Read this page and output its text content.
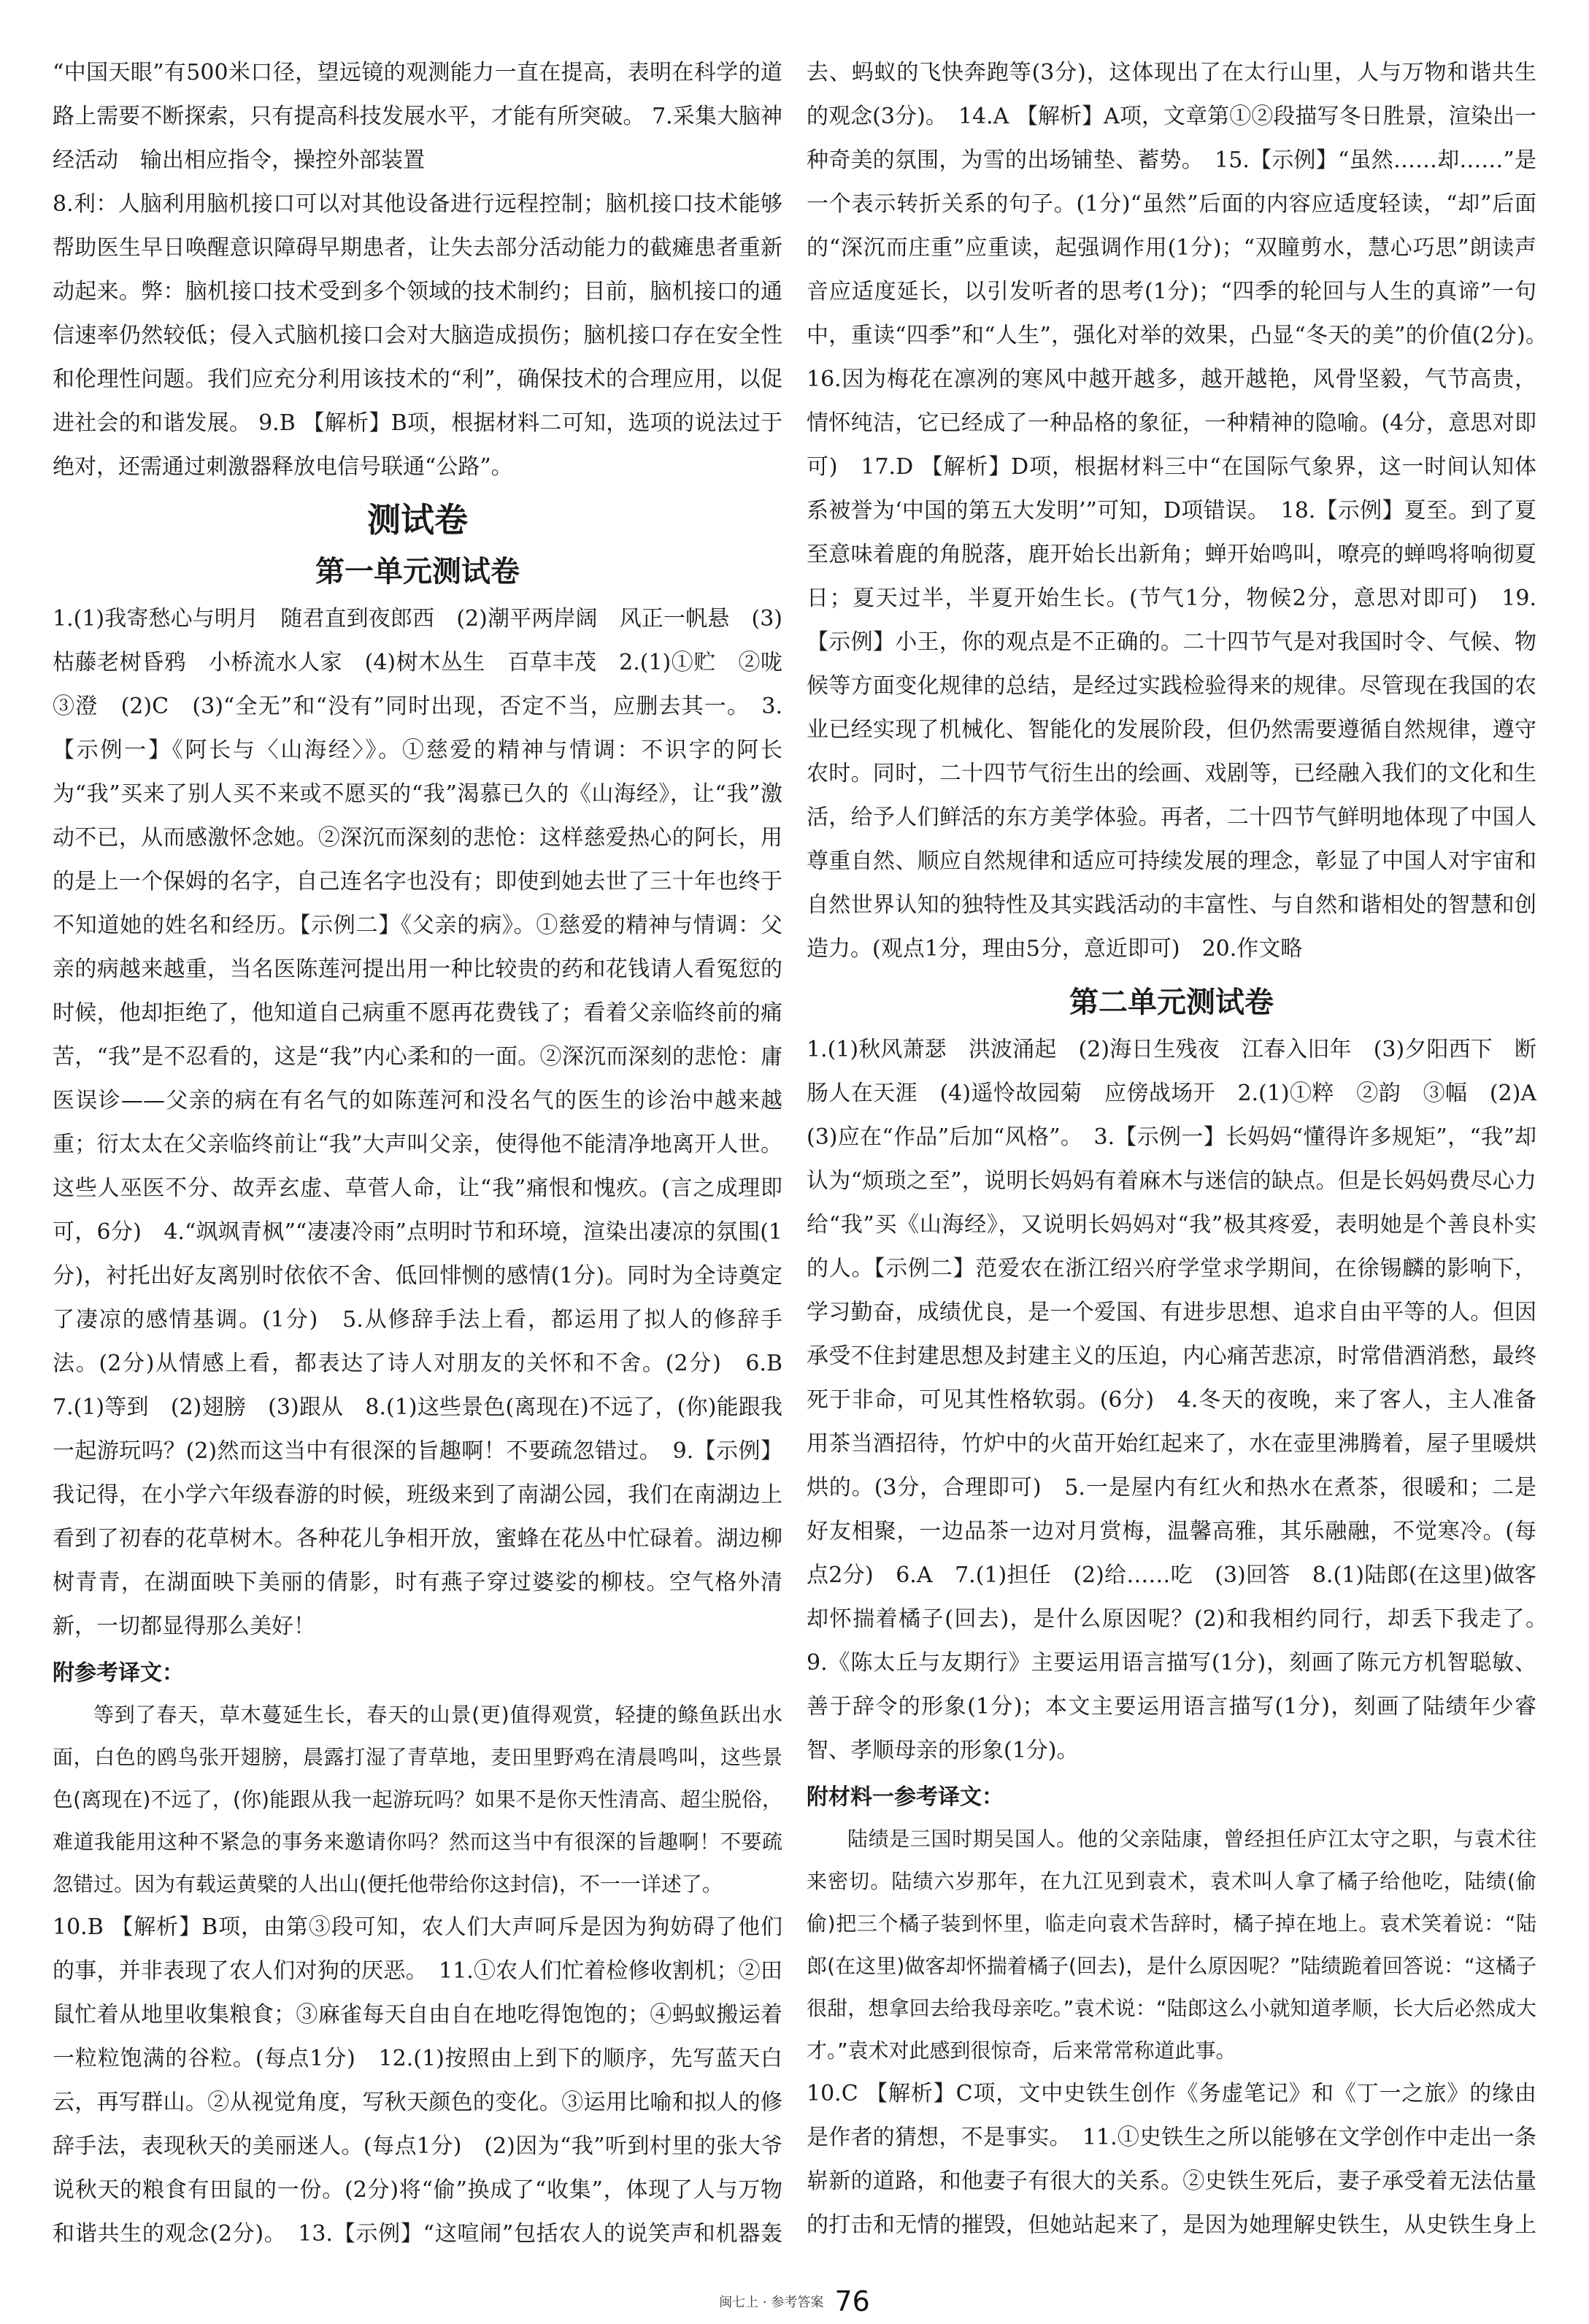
“中国天眼”有500米口径，望远镜的观测能力一直在提高，表明在科学的道路上需要不断探索，只有提高科技发展水平，才能有所突破。 7.采集大脑神经活动　输出相应指令，操控外部装置

8.利：人脑利用脑机接口可以对其他设备进行远程控制；脑机接口技术能够帮助医生早日唤醒意识障碍早期患者，让失去部分活动能力的截瘫患者重新动起来。弊：脑机接口技术受到多个领域的技术制约；目前，脑机接口的通信速率仍然较低；侵入式脑机接口会对大脑造成损伤；脑机接口存在安全性和伦理性问题。我们应充分利用该技术的“利”，确保技术的合理应用，以促进社会的和谐发展。 9.B 【解析】B项，根据材料二可知，选项的说法过于绝对，还需通过刺激器释放电信号联通“公路”。

测试卷
第一单元测试卷

1.(1)我寄愁心与明月　随君直到夜郎西　(2)潮平两岸阔　风正一帆悬　(3)枯藤老树昏鸦　小桥流水人家　(4)树木丛生　百草丰茂　2.(1)①贮　②咙　③澄　(2)C　(3)“全无”和“没有”同时出现，否定不当，应删去其一。　3.【示例一】《阿长与〈山海经〉》。①慈爱的精神与情调：不识字的阿长为“我”买来了别人买不来或不愿买的“我”渴慕已久的《山海经》，让“我”激动不已，从而感激怀念她。②深沉而深刻的悲怆：这样慈爱热心的阿长，用的是上一个保姆的名字，自己连名字也没有；即使到她去世了三十年也终于不知道她的姓名和经历。【示例二】《父亲的病》。①慈爱的精神与情调：父亲的病越来越重，当名医陈莲河提出用一种比较贵的药和花钱请人看冤愆的时候，他却拒绝了，他知道自己病重不愿再花费钱了；看着父亲临终前的痛苦，“我”是不忍看的，这是“我”内心柔和的一面。②深沉而深刻的悲怆：庸医误诊——父亲的病在有名气的如陈莲河和没名气的医生的诊治中越来越重；衍太太在父亲临终前让“我”大声叫父亲，使得他不能清净地离开人世。这些人巫医不分、故弄玄虚、草菅人命，让“我”痛恨和愧疚。(言之成理即可，6分)　4.“飒飒青枫”“凄凄冷雨”点明时节和环境，渲染出凄凉的氛围(1分)，衬托出好友离别时依依不舍、低回悱恻的感情(1分)。同时为全诗奠定了凄凉的感情基调。(1分)　5.从修辞手法上看，都运用了拟人的修辞手法。(2分)从情感上看，都表达了诗人对朋友的关怀和不舍。(2分)　6.B　7.(1)等到　(2)翅膀　(3)跟从　8.(1)这些景色(离现在)不远了，(你)能跟我一起游玩吗？(2)然而这当中有很深的旨趣啊！不要疏忽错过。　9.【示例】我记得，在小学六年级春游的时候，班级来到了南湖公园，我们在南湖边上看到了初春的花草树木。各种花儿争相开放，蜜蜂在花丛中忙碌着。湖边柳树青青，在湖面映下美丽的倩影，时有燕子穿过婆娑的柳枝。空气格外清新，一切都显得那么美好！

附参考译文：

等到了春天，草木蔓延生长，春天的山景(更)值得观赏，轻捷的鲦鱼跃出水面，白色的鸥鸟张开翅膀，晨露打湿了青草地，麦田里野鸡在清晨鸣叫，这些景色(离现在)不远了，(你)能跟从我一起游玩吗？如果不是你天性清高、超尘脱俗，难道我能用这种不紧急的事务来邀请你吗？然而这当中有很深的旨趣啊！不要疏忽错过。因为有载运黄檗的人出山(便托他带给你这封信)，不一一详述了。

10.B 【解析】B项，由第③段可知，农人们大声呵斥是因为狗妨碍了他们的事，并非表现了农人们对狗的厌恶。　11.①农人们忙着检修收割机；②田鼠忙着从地里收集粮食；③麻雀每天自由自在地吃得饱饱的；④蚂蚁搬运着一粒粒饱满的谷粒。(每点1分)　12.(1)按照由上到下的顺序，先写蓝天白云，再写群山。②从视觉角度，写秋天颜色的变化。③运用比喻和拟人的修辞手法，表现秋天的美丽迷人。(每点1分)　(2)因为“我”听到村里的张大爷说秋天的粮食有田鼠的一份。(2分)将“偷”换成了“收集”，体现了人与万物和谐共生的观念(2分)。　13.【示例】“这喧闹”包括农人的说笑声和机器轰

去、蚂蚁的飞快奔跑等(3分)，这体现出了在太行山里，人与万物和谐共生的观念(3分)。　14.A 【解析】A项，文章第①②段描写冬日胜景，渲染出一种奇美的氛围，为雪的出场铺垫、蓄势。　15.【示例】“虽然……却……”是一个表示转折关系的句子。(1分)“虽然”后面的内容应适度轻读，“却”后面的“深沉而庄重”应重读，起强调作用(1分)；“双瞳剪水，慧心巧思”朗读声音应适度延长，以引发听者的思考(1分)；“四季的轮回与人生的真谛”一句中，重读“四季”和“人生”，强化对举的效果，凸显“冬天的美”的价值(2分)。　16.因为梅花在凛冽的寒风中越开越多，越开越艳，风骨坚毅，气节高贵，情怀纯洁，它已经成了一种品格的象征，一种精神的隐喻。(4分，意思对即可)　17.D 【解析】D项，根据材料三中“在国际气象界，这一时间认知体系被誉为‘中国的第五大发明’”可知，D项错误。　18.【示例】夏至。到了夏至意味着鹿的角脱落，鹿开始长出新角；蝉开始鸣叫，嘹亮的蝉鸣将响彻夏日；夏天过半，半夏开始生长。(节气1分，物候2分，意思对即可)　19.【示例】小王，你的观点是不正确的。二十四节气是对我国时令、气候、物候等方面变化规律的总结，是经过实践检验得来的规律。尽管现在我国的农业已经实现了机械化、智能化的发展阶段，但仍然需要遵循自然规律，遵守农时。同时，二十四节气衍生出的绘画、戏剧等，已经融入我们的文化和生活，给予人们鲜活的东方美学体验。再者，二十四节气鲜明地体现了中国人尊重自然、顺应自然规律和适应可持续发展的理念，彰显了中国人对宇宙和自然世界认知的独特性及其实践活动的丰富性、与自然和谐相处的智慧和创造力。(观点1分，理由5分，意近即可)　20.作文略

第二单元测试卷

1.(1)秋风萧瑟　洪波涌起　(2)海日生残夜　江春入旧年　(3)夕阳西下　断肠人在天涯　(4)遥怜故园菊　应傍战场开　2.(1)①粹　②韵　③幅　(2)A　(3)应在“作品”后加“风格”。　3.【示例一】长妈妈“懂得许多规矩”，“我”却认为“烦琐之至”，说明长妈妈有着麻木与迷信的缺点。但是长妈妈费尽心力给“我”买《山海经》，又说明长妈妈对“我”极其疼爱，表明她是个善良朴实的人。【示例二】范爱农在浙江绍兴府学堂求学期间，在徐锡麟的影响下，学习勤奋，成绩优良，是一个爱国、有进步思想、追求自由平等的人。但因承受不住封建思想及封建主义的压迫，内心痛苦悲凉，时常借酒消愁，最终死于非命，可见其性格软弱。(6分)　4.冬天的夜晚，来了客人，主人准备用茶当酒招待，竹炉中的火苗开始红起来了，水在壶里沸腾着，屋子里暖烘烘的。(3分，合理即可)　5.一是屋内有红火和热水在煮茶，很暖和；二是好友相聚，一边品茶一边对月赏梅，温馨高雅，其乐融融，不觉寒冷。(每点2分)　6.A　7.(1)担任　(2)给……吃　(3)回答　8.(1)陆郎(在这里)做客却怀揣着橘子(回去)，是什么原因呢？(2)和我相约同行，却丢下我走了。　9.《陈太丘与友期行》主要运用语言描写(1分)，刻画了陈元方机智聪敏、善于辞令的形象(1分)；本文主要运用语言描写(1分)，刻画了陆绩年少睿智、孝顺母亲的形象(1分)。

附材料一参考译文：

陆绩是三国时期吴国人。他的父亲陆康，曾经担任庐江太守之职，与袁术往来密切。陆绩六岁那年，在九江见到袁术，袁术叫人拿了橘子给他吃，陆绩(偷偷)把三个橘子装到怀里，临走向袁术告辞时，橘子掉在地上。袁术笑着说：“陆郎(在这里)做客却怀揣着橘子(回去)，是什么原因呢？”陆绩跪着回答说：“这橘子很甜，想拿回去给我母亲吃。”袁术说：“陆郎这么小就知道孝顺，长大后必然成大才。”袁术对此感到很惊奇，后来常常称道此事。

10.C 【解析】C项，文中史铁生创作《务虚笔记》和《丁一之旅》的缘由是作者的猜想，不是事实。　11.①史铁生之所以能够在文学创作中走出一条崭新的道路，和他妻子有很大的关系。②史铁生死后，妻子承受着无法估量的打击和无情的摧毁，但她站起来了，是因为她理解史铁生，从史铁生身上

闽七上 · 参考答案 76
